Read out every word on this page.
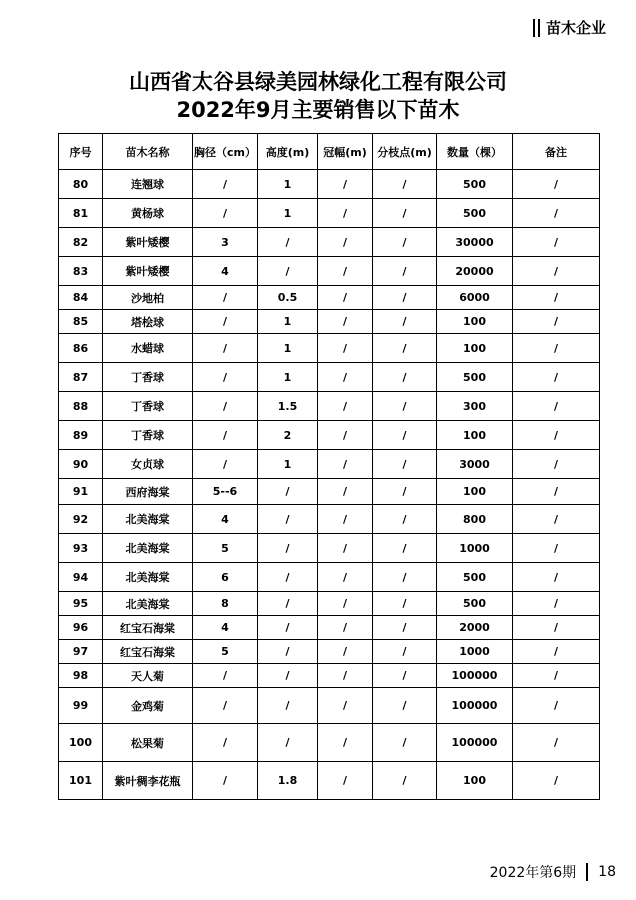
苗木企业
山西省太谷县绿美园林绿化工程有限公司
2022年9月主要销售以下苗木
序号	苗木名称	胸径（cm）	高度(m)	冠幅(m)	分枝点(m)	数量（棵）	备注
80	连翘球	/	1	/	/	500	/
81	黄杨球	/	1	/	/	500	/
82	紫叶矮樱	3	/	/	/	30000	/
83	紫叶矮樱	4	/	/	/	20000	/
84	沙地柏	/	0.5	/	/	6000	/
85	塔桧球	/	1	/	/	100	/
86	水蜡球	/	1	/	/	100	/
87	丁香球	/	1	/	/	500	/
88	丁香球	/	1.5	/	/	300	/
89	丁香球	/	2	/	/	100	/
90	女贞球	/	1	/	/	3000	/
91	西府海棠	5--6	/	/	/	100	/
92	北美海棠	4	/	/	/	800	/
93	北美海棠	5	/	/	/	1000	/
94	北美海棠	6	/	/	/	500	/
95	北美海棠	8	/	/	/	500	/
96	红宝石海棠	4	/	/	/	2000	/
97	红宝石海棠	5	/	/	/	1000	/
98	天人菊	/	/	/	/	100000	/
99	金鸡菊	/	/	/	/	100000	/
100	松果菊	/	/	/	/	100000	/
101	紫叶稠李花瓶	/	1.8	/	/	100	/
2022年第6期 18
